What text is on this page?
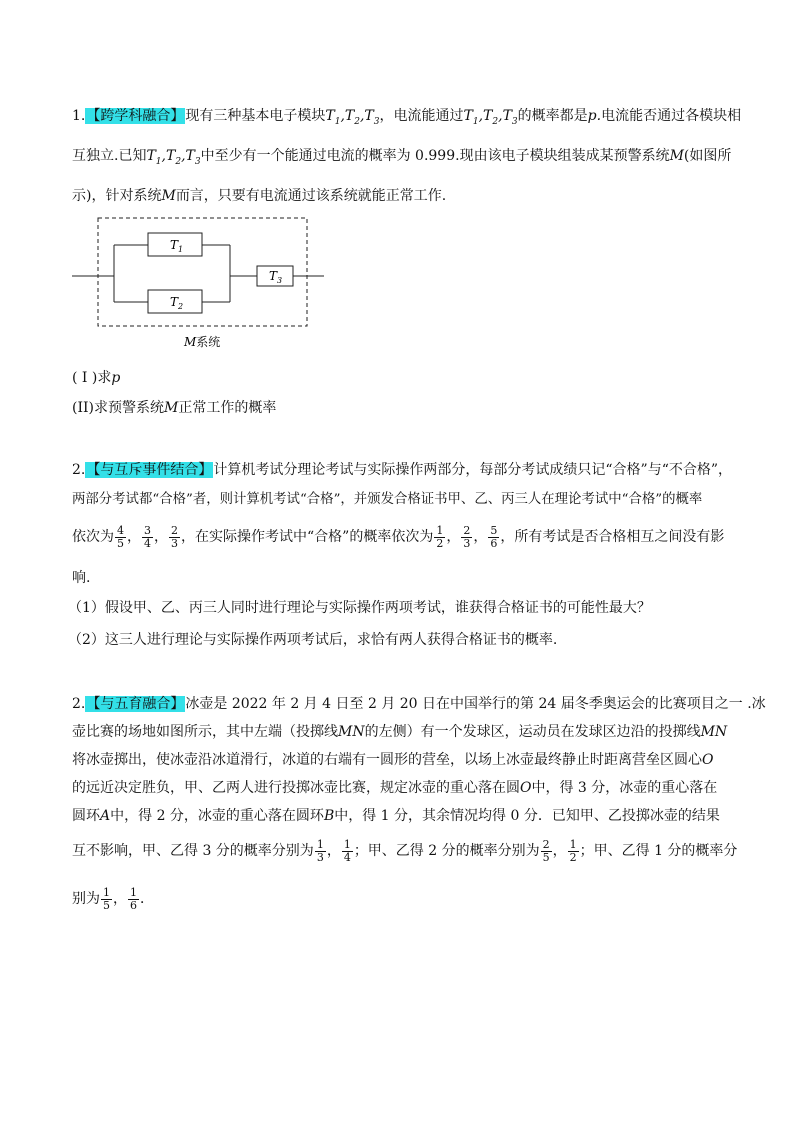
1.【跨学科融合】现有三种基本电子模块$T_1,T_2,T_3$，电流能通过$T_1,T_2,T_3$的概率都是p.电流能否通过各模块相
互独立.已知$T_1,T_2,T_3$中至少有一个能通过电流的概率为 0.999.现由该电子模块组装成某预警系统M(如图所
示)，针对系统M而言，只要有电流通过该系统就能正常工作.
$T_1$
$T_2$
$T_3$
M系统
( I )求p
(II)求预警系统M正常工作的概率
2.【与互斥事件结合】计算机考试分理论考试与实际操作两部分，每部分考试成绩只记“合格”与“不合格”，
两部分考试都“合格”者，则计算机考试“合格”，并颁发合格证书甲、乙、丙三人在理论考试中“合格”的概率
依次为 $\frac{4}{5}$ ， $\frac{3}{4}$ ， $\frac{2}{3}$ ，在实际操作考试中“合格”的概率依次为 $\frac{1}{2}$ ， $\frac{2}{3}$ ， $\frac{5}{6}$ ，所有考试是否合格相互之间没有影
响.
（1）假设甲、乙、丙三人同时进行理论与实际操作两项考试，谁获得合格证书的可能性最大？
（2）这三人进行理论与实际操作两项考试后，求恰有两人获得合格证书的概率.
2.【与五育融合】冰壶是 2022 年 2 月 4 日至 2 月 20 日在中国举行的第 24 届冬季奥运会的比赛项目之一 .冰
壶比赛的场地如图所示，其中左端（投掷线MN的左侧）有一个发球区，运动员在发球区边沿的投掷线MN
将冰壶掷出，使冰壶沿冰道滑行，冰道的右端有一圆形的营垒，以场上冰壶最终静止时距离营垒区圆心O
的远近决定胜负，甲、乙两人进行投掷冰壶比赛，规定冰壶的重心落在圆O中，得 3 分，冰壶的重心落在
圆环A中，得 2 分，冰壶的重心落在圆环B中，得 1 分，其余情况均得 0 分．已知甲、乙投掷冰壶的结果
互不影响，甲、乙得 3 分的概率分别为 $\frac{1}{3}$ ， $\frac{1}{4}$ ；甲、乙得 2 分的概率分别为 $\frac{2}{5}$ ， $\frac{1}{2}$ ；甲、乙得 1 分的概率分
别为 $\frac{1}{5}$ ， $\frac{1}{6}$ ．
